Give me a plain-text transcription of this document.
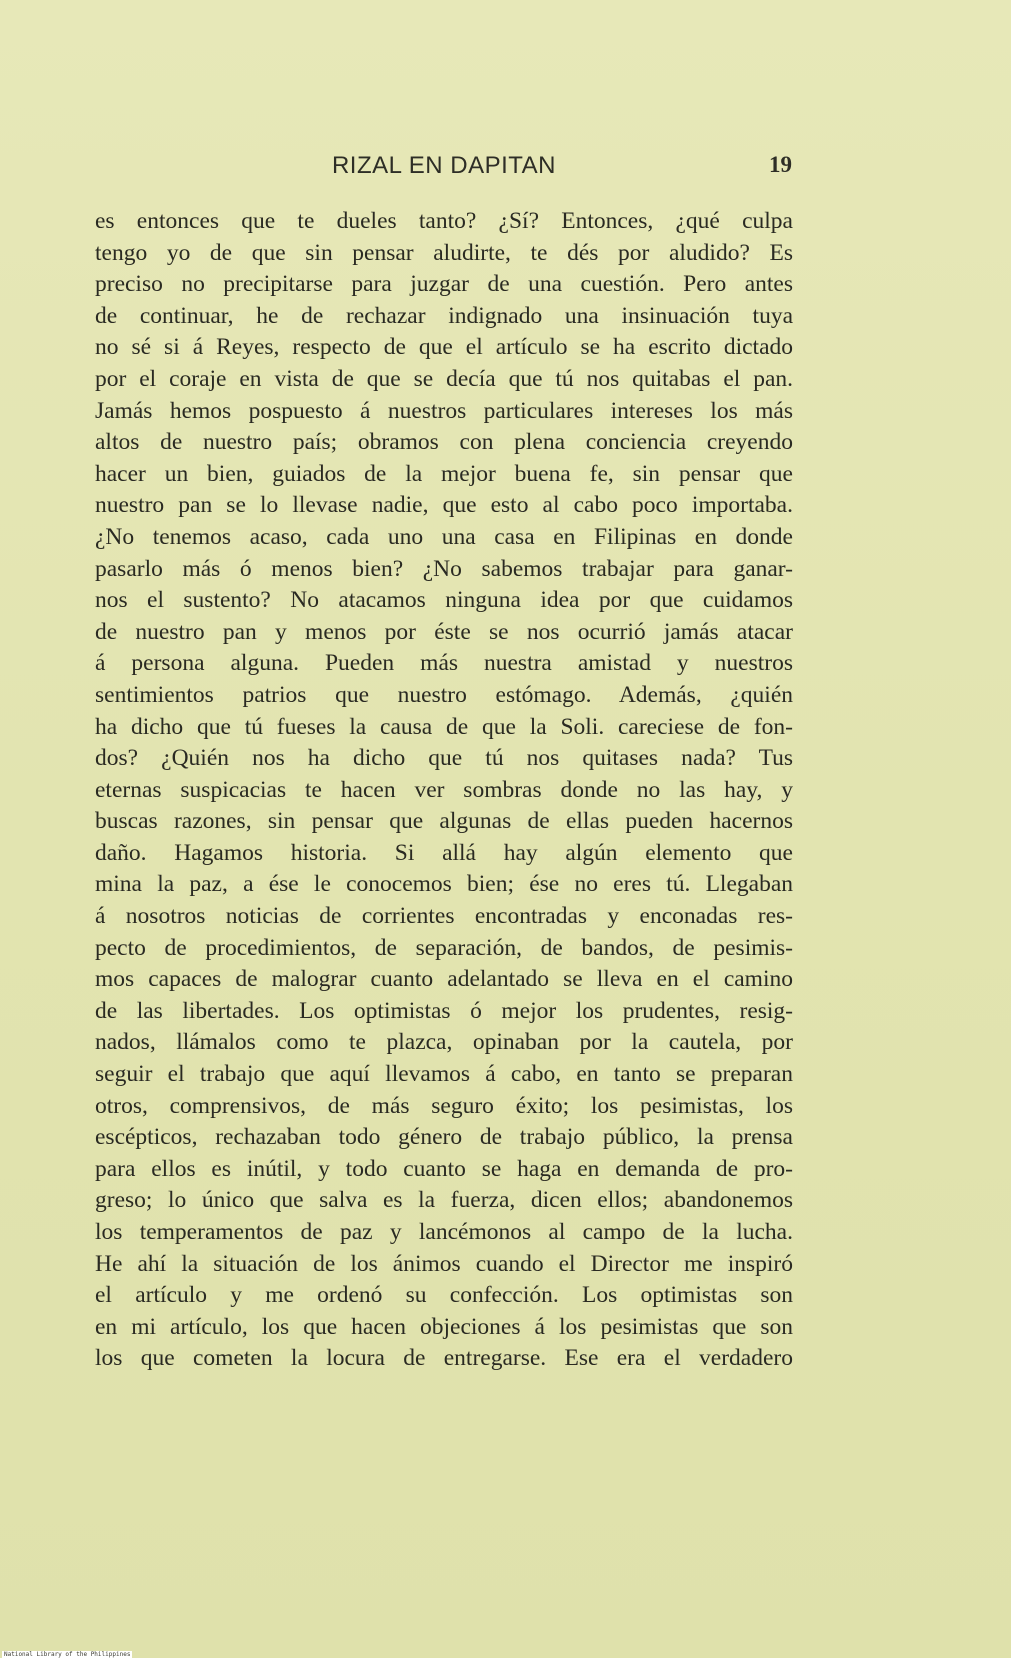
RIZAL EN DAPITAN	19
es entonces que te dueles tanto? ¿Sí? Entonces, ¿qué culpa
tengo yo de que sin pensar aludirte, te dés por aludido? Es
preciso no precipitarse para juzgar de una cuestión. Pero antes
de continuar, he de rechazar indignado una insinuación tuya
no sé si á Reyes, respecto de que el artículo se ha escrito dictado
por el coraje en vista de que se decía que tú nos quitabas el pan.
Jamás hemos pospuesto á nuestros particulares intereses los más
altos de nuestro país; obramos con plena conciencia creyendo
hacer un bien, guiados de la mejor buena fe, sin pensar que
nuestro pan se lo llevase nadie, que esto al cabo poco importaba.
¿No tenemos acaso, cada uno una casa en Filipinas en donde
pasarlo más ó menos bien? ¿No sabemos trabajar para ganar-
nos el sustento? No atacamos ninguna idea por que cuidamos
de nuestro pan y menos por éste se nos ocurrió jamás atacar
á persona alguna. Pueden más nuestra amistad y nuestros
sentimientos patrios que nuestro estómago. Además, ¿quién
ha dicho que tú fueses la causa de que la Soli. careciese de fon-
dos? ¿Quién nos ha dicho que tú nos quitases nada? Tus
eternas suspicacias te hacen ver sombras donde no las hay, y
buscas razones, sin pensar que algunas de ellas pueden hacernos
daño. Hagamos historia. Si allá hay algún elemento que
mina la paz, a ése le conocemos bien; ése no eres tú. Llegaban
á nosotros noticias de corrientes encontradas y enconadas res-
pecto de procedimientos, de separación, de bandos, de pesimis-
mos capaces de malograr cuanto adelantado se lleva en el camino
de las libertades. Los optimistas ó mejor los prudentes, resig-
nados, llámalos como te plazca, opinaban por la cautela, por
seguir el trabajo que aquí llevamos á cabo, en tanto se preparan
otros, comprensivos, de más seguro éxito; los pesimistas, los
escépticos, rechazaban todo género de trabajo público, la prensa
para ellos es inútil, y todo cuanto se haga en demanda de pro-
greso; lo único que salva es la fuerza, dicen ellos; abandonemos
los temperamentos de paz y lancémonos al campo de la lucha.
He ahí la situación de los ánimos cuando el Director me inspiró
el artículo y me ordenó su confección. Los optimistas son
en mi artículo, los que hacen objeciones á los pesimistas que son
los que cometen la locura de entregarse. Ese era el verdadero
National Library of the Philippines
